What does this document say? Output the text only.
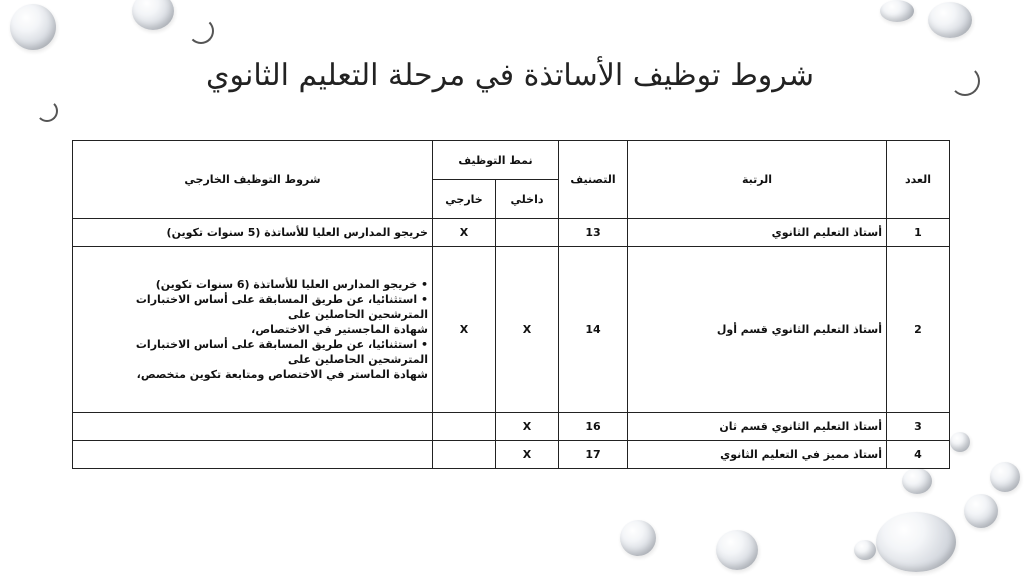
شروط توظيف الأساتذة في مرحلة التعليم الثانوي
العدد	الرتبة	التصنيف	نمط التوظيف		شروط التوظيف الخارجي
			داخلي	خارجي	
1	أستاذ التعليم الثانوي	13		X	خريجو المدارس العليا للأساتذة (5 سنوات تكوين)

2	أستاذ التعليم الثانوي قسم أول	14	X	X	• خريجو المدارس العليا للأساتذة (6 سنوات تكوين)
• استثنائيا، عن طريق المسابقة على أساس الاختبارات المترشحين الحاصلين على
شهادة الماجستير في الاختصاص،
• استثنائيا، عن طريق المسابقة على أساس الاختبارات المترشحين الحاصلين على
شهادة الماستر في الاختصاص ومتابعة تكوين متخصص،

3	أستاذ التعليم الثانوي قسم ثان	16	X		
4	أستاذ مميز في التعليم الثانوي	17	X		
